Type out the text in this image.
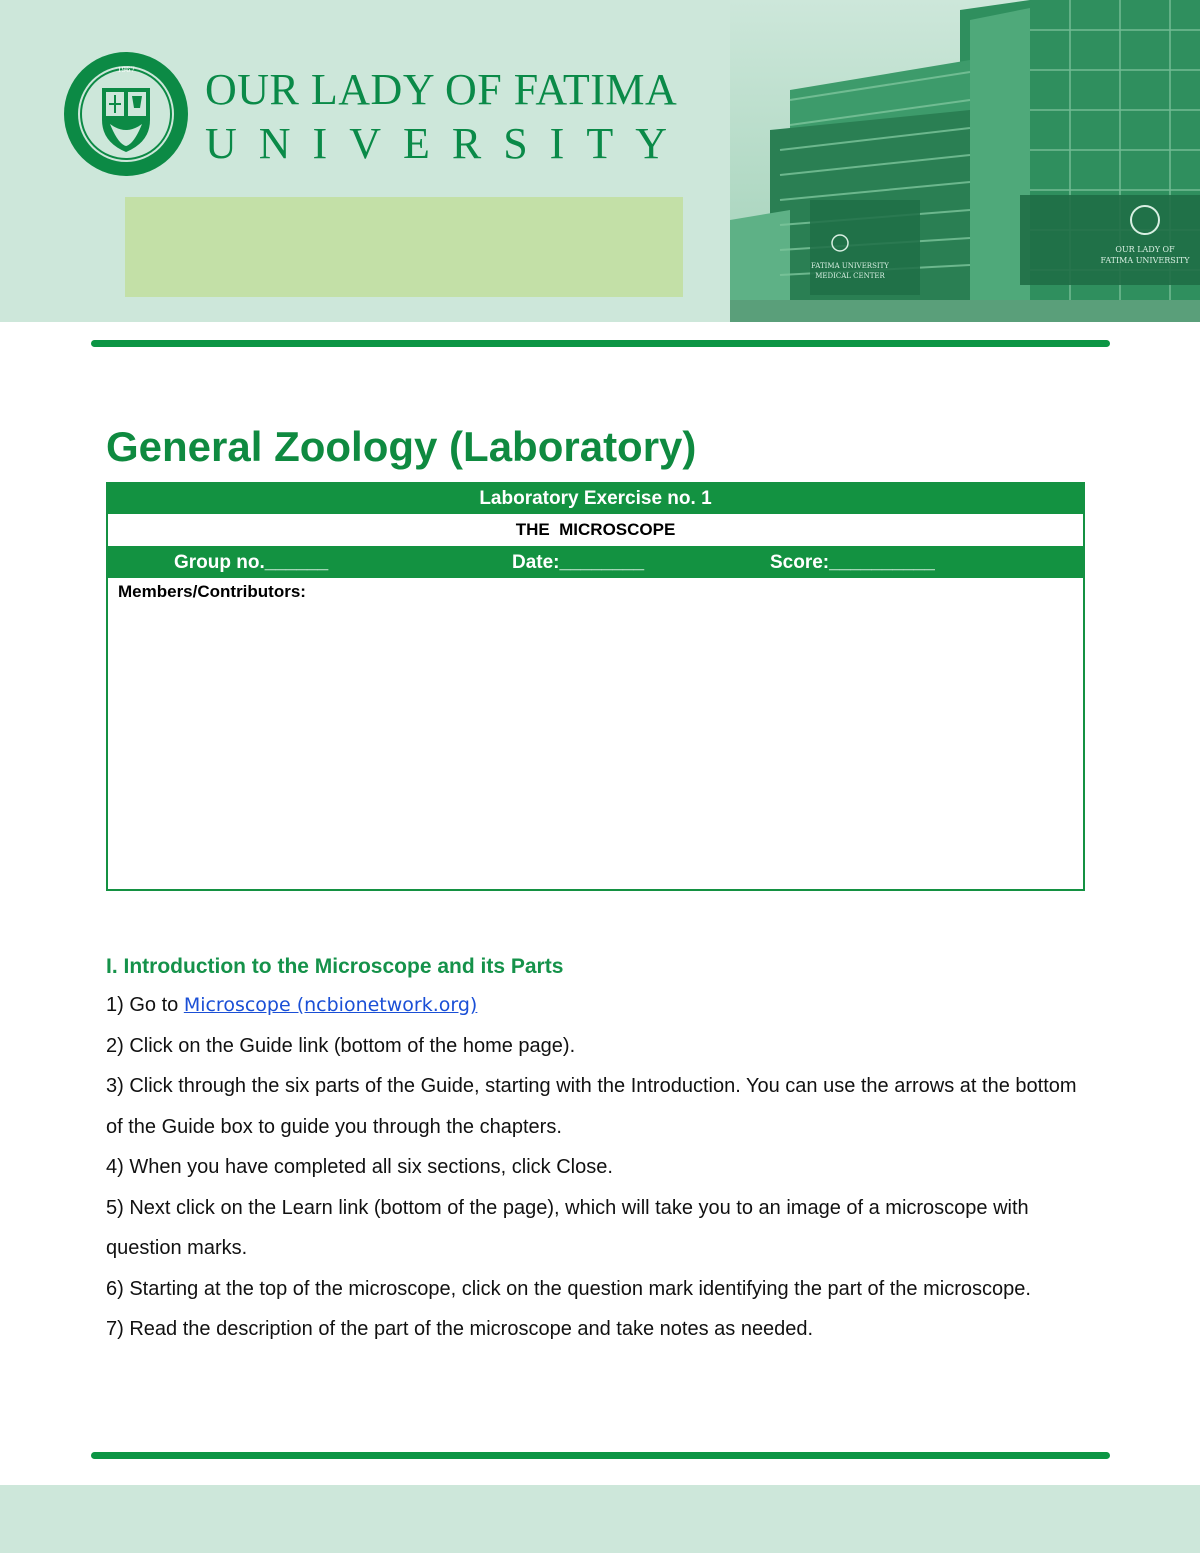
1967 OUR LADY OF FATIMA
UNIVERSITY
OUR LADY OF
FATIMA UNIVERSITY
FATIMA UNIVERSITY
MEDICAL CENTER
General Zoology (Laboratory)
Laboratory Exercise no. 1
THE  MICROSCOPE
Group no.______	Date:________	Score:__________
Members/Contributors:

I. Introduction to the Microscope and its Parts

1) Go to Microscope (ncbionetwork.org)

2) Click on the Guide link (bottom of the home page).

3) Click through the six parts of the Guide, starting with the Introduction. You can use the arrows at the bottom of the Guide box to guide you through the chapters.

4) When you have completed all six sections, click Close.

5) Next click on the Learn link (bottom of the page), which will take you to an image of a microscope with question marks.

6) Starting at the top of the microscope, click on the question mark identifying the part of the microscope.

7) Read the description of the part of the microscope and take notes as needed.
